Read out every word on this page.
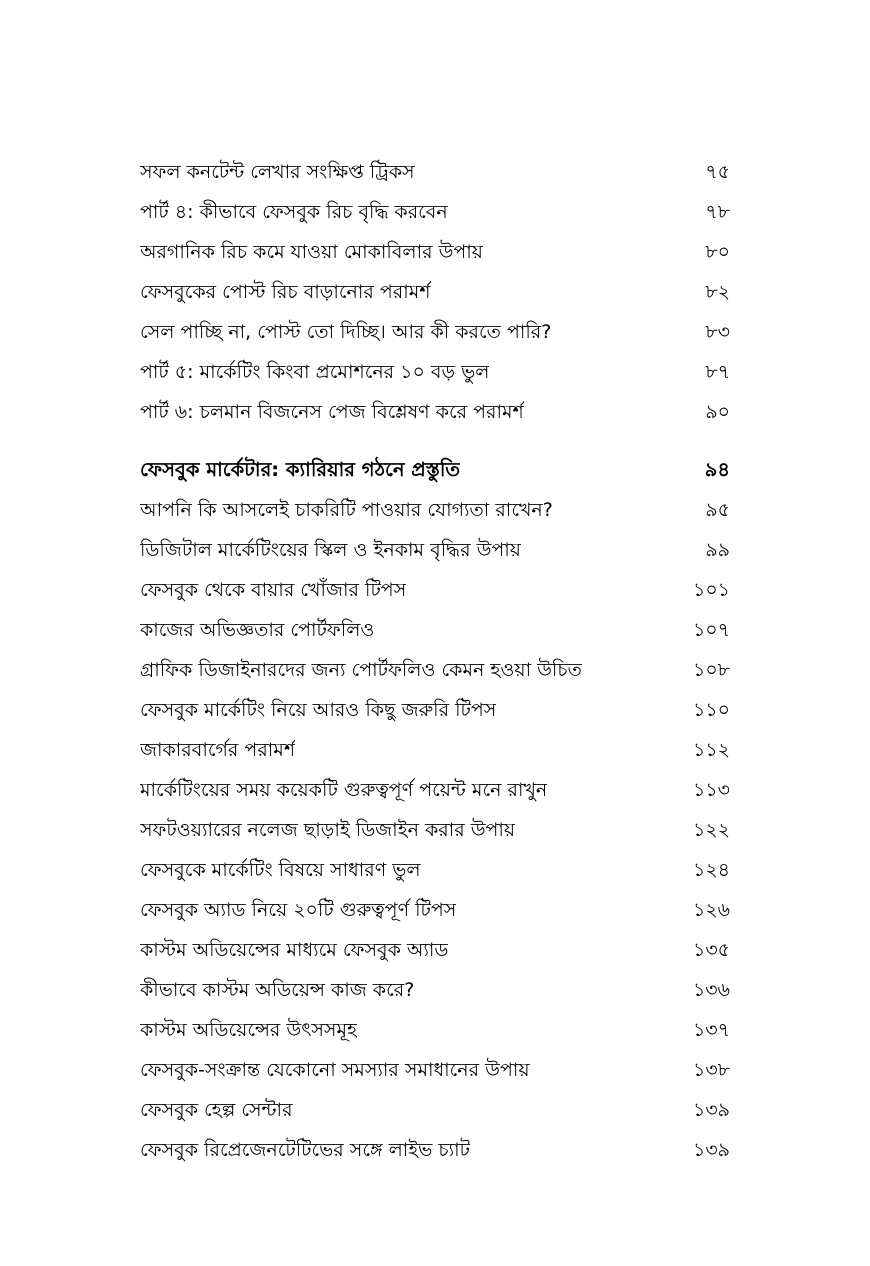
সফল কনটেন্ট লেখার সংক্ষিপ্ত ট্রিকস	৭৫
পার্ট ৪: কীভাবে ফেসবুক রিচ বৃদ্ধি করবেন	৭৮
অরগানিক রিচ কমে যাওয়া মোকাবিলার উপায়	৮০
ফেসবুকের পোস্ট রিচ বাড়ানোর পরামর্শ	৮২
সেল পাচ্ছি না, পোস্ট তো দিচ্ছি। আর কী করতে পারি?	৮৩
পার্ট ৫: মার্কেটিং কিংবা প্রমোশনের ১০ বড় ভুল	৮৭
পার্ট ৬: চলমান বিজনেস পেজ বিশ্লেষণ করে পরামর্শ	৯০
ফেসবুক মার্কেটার: ক্যারিয়ার গঠনে প্রস্তুতি	৯৪
আপনি কি আসলেই চাকরিটি পাওয়ার যোগ্যতা রাখেন?	৯৫
ডিজিটাল মার্কেটিংয়ের স্কিল ও ইনকাম বৃদ্ধির উপায়	৯৯
ফেসবুক থেকে বায়ার খোঁজার টিপস	১০১
কাজের অভিজ্ঞতার পোর্টফলিও	১০৭
গ্রাফিক ডিজাইনারদের জন্য পোর্টফলিও কেমন হওয়া উচিত	১০৮
ফেসবুক মার্কেটিং নিয়ে আরও কিছু জরুরি টিপস	১১০
জাকারবার্গের পরামর্শ	১১২
মার্কেটিংয়ের সময় কয়েকটি গুরুত্বপূর্ণ পয়েন্ট মনে রাখুন	১১৩
সফটওয়্যারের নলেজ ছাড়াই ডিজাইন করার উপায়	১২২
ফেসবুকে মার্কেটিং বিষয়ে সাধারণ ভুল	১২৪
ফেসবুক অ্যাড নিয়ে ২০টি গুরুত্বপূর্ণ টিপস	১২৬
কাস্টম অডিয়েন্সের মাধ্যমে ফেসবুক অ্যাড	১৩৫
কীভাবে কাস্টম অডিয়েন্স কাজ করে?	১৩৬
কাস্টম অডিয়েন্সের উৎসসমূহ	১৩৭
ফেসবুক-সংক্রান্ত যেকোনো সমস্যার সমাধানের উপায়	১৩৮
ফেসবুক হেল্প সেন্টার	১৩৯
ফেসবুক রিপ্রেজেনটেটিভের সঙ্গে লাইভ চ্যাট	১৩৯
